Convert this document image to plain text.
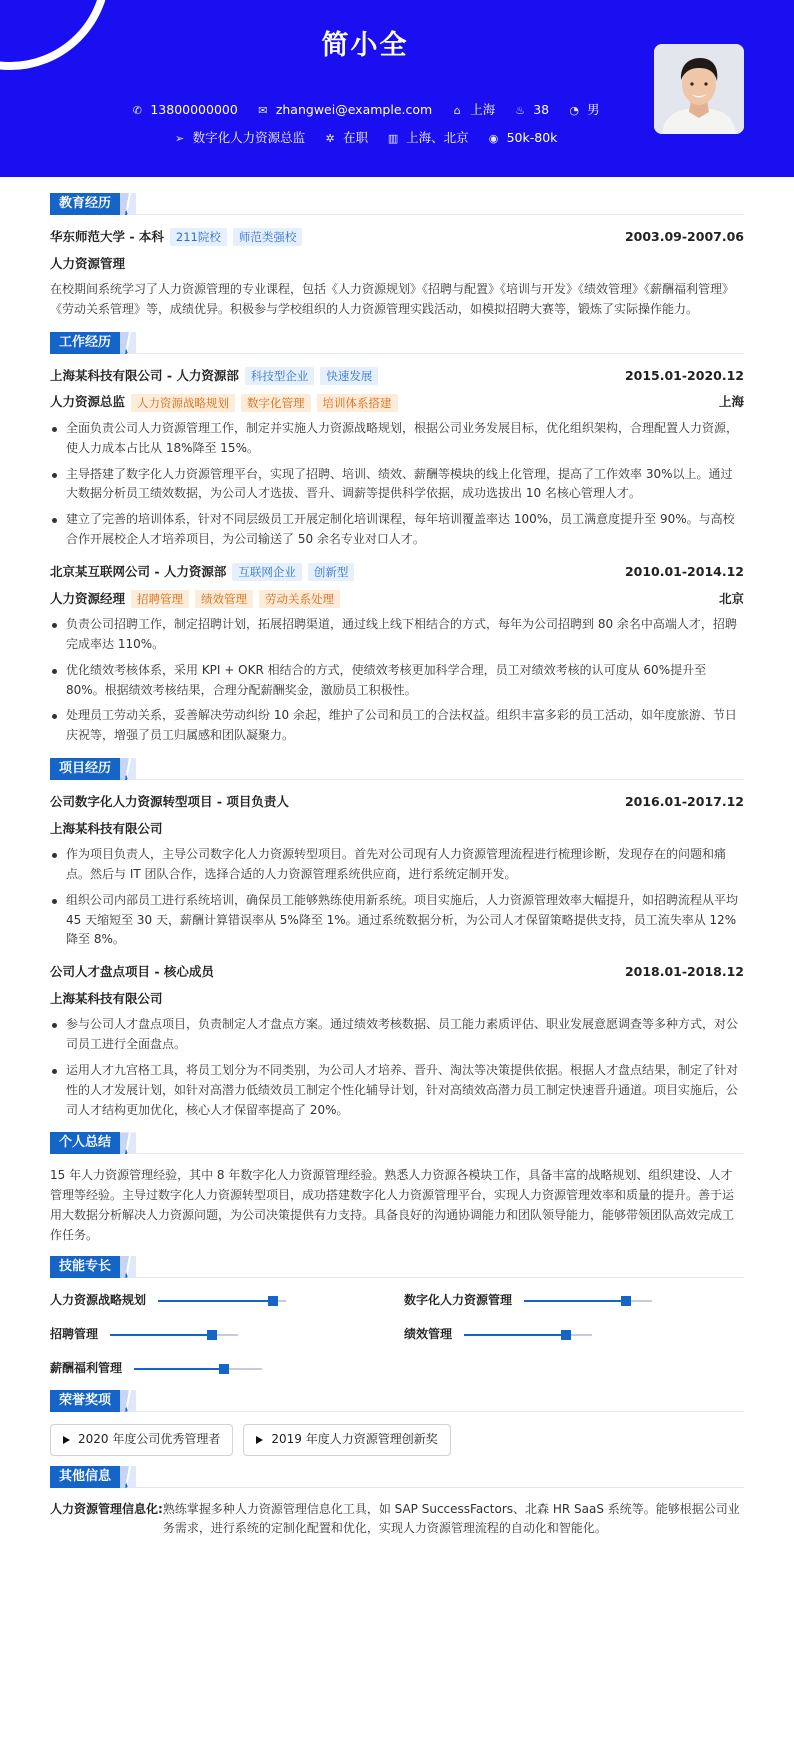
简小全
✆ 13800000000 ✉ zhangwei@example.com ⌂ 上海 ♨ 38 ◔ 男
➢ 数字化人力资源总监 ✲ 在职 ▥ 上海、北京 ◉ 50k-80k
教育经历
华东师范大学 - 本科	211院校	师范类强校	2003.09-2007.06
人力资源管理
在校期间系统学习了人力资源管理的专业课程，包括《人力资源规划》《招聘与配置》《培训与开发》《绩效管理》《薪酬福利管理》《劳动关系管理》等，成绩优异。积极参与学校组织的人力资源管理实践活动，如模拟招聘大赛等，锻炼了实际操作能力。
工作经历
上海某科技有限公司 - 人力资源部	科技型企业	快速发展	2015.01-2020.12
人力资源总监	人力资源战略规划	数字化管理	培训体系搭建	上海
全面负责公司人力资源管理工作，制定并实施人力资源战略规划，根据公司业务发展目标，优化组织架构，合理配置人力资源，使人力成本占比从 18%降至 15%。
主导搭建了数字化人力资源管理平台，实现了招聘、培训、绩效、薪酬等模块的线上化管理，提高了工作效率 30%以上。通过大数据分析员工绩效数据，为公司人才选拔、晋升、调薪等提供科学依据，成功选拔出 10 名核心管理人才。
建立了完善的培训体系，针对不同层级员工开展定制化培训课程，每年培训覆盖率达 100%，员工满意度提升至 90%。与高校合作开展校企人才培养项目，为公司输送了 50 余名专业对口人才。
北京某互联网公司 - 人力资源部	互联网企业	创新型	2010.01-2014.12
人力资源经理	招聘管理	绩效管理	劳动关系处理	北京
负责公司招聘工作，制定招聘计划，拓展招聘渠道，通过线上线下相结合的方式，每年为公司招聘到 80 余名中高端人才，招聘完成率达 110%。
优化绩效考核体系，采用 KPI + OKR 相结合的方式，使绩效考核更加科学合理，员工对绩效考核的认可度从 60%提升至 80%。根据绩效考核结果，合理分配薪酬奖金，激励员工积极性。
处理员工劳动关系，妥善解决劳动纠纷 10 余起，维护了公司和员工的合法权益。组织丰富多彩的员工活动，如年度旅游、节日庆祝等，增强了员工归属感和团队凝聚力。
项目经历
公司数字化人力资源转型项目 - 项目负责人	2016.01-2017.12
上海某科技有限公司
作为项目负责人，主导公司数字化人力资源转型项目。首先对公司现有人力资源管理流程进行梳理诊断，发现存在的问题和痛点。然后与 IT 团队合作，选择合适的人力资源管理系统供应商，进行系统定制开发。
组织公司内部员工进行系统培训，确保员工能够熟练使用新系统。项目实施后，人力资源管理效率大幅提升，如招聘流程从平均 45 天缩短至 30 天，薪酬计算错误率从 5%降至 1%。通过系统数据分析，为公司人才保留策略提供支持，员工流失率从 12%降至 8%。
公司人才盘点项目 - 核心成员	2018.01-2018.12
上海某科技有限公司
参与公司人才盘点项目，负责制定人才盘点方案。通过绩效考核数据、员工能力素质评估、职业发展意愿调查等多种方式，对公司员工进行全面盘点。
运用人才九宫格工具，将员工划分为不同类别，为公司人才培养、晋升、淘汰等决策提供依据。根据人才盘点结果，制定了针对性的人才发展计划，如针对高潜力低绩效员工制定个性化辅导计划，针对高绩效高潜力员工制定快速晋升通道。项目实施后，公司人才结构更加优化，核心人才保留率提高了 20%。
个人总结
15 年人力资源管理经验，其中 8 年数字化人力资源管理经验。熟悉人力资源各模块工作，具备丰富的战略规划、组织建设、人才管理等经验。主导过数字化人力资源转型项目，成功搭建数字化人力资源管理平台，实现人力资源管理效率和质量的提升。善于运用大数据分析解决人力资源问题，为公司决策提供有力支持。具备良好的沟通协调能力和团队领导能力，能够带领团队高效完成工作任务。
技能专长
人力资源战略规划	数字化人力资源管理
招聘管理	绩效管理
薪酬福利管理
荣誉奖项
2020 年度公司优秀管理者	2019 年度人力资源管理创新奖
其他信息
人力资源管理信息化: 熟练掌握多种人力资源管理信息化工具，如 SAP SuccessFactors、北森 HR SaaS 系统等。能够根据公司业务需求，进行系统的定制化配置和优化，实现人力资源管理流程的自动化和智能化。
